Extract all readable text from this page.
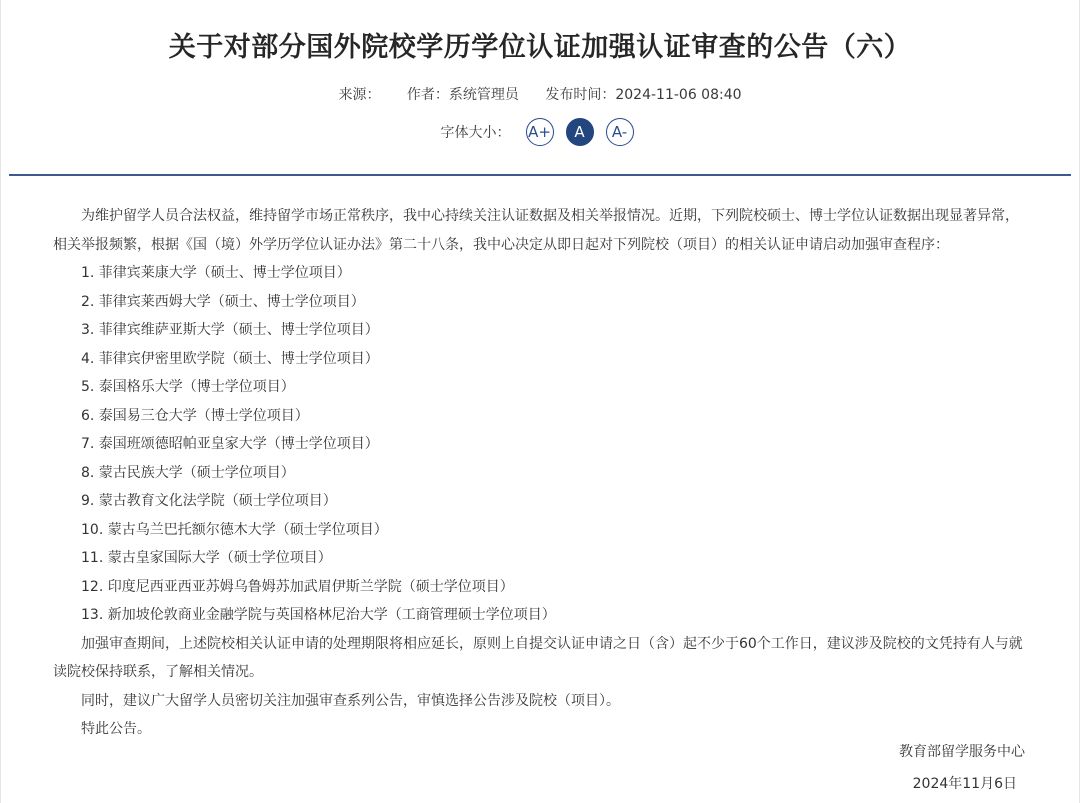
关于对部分国外院校学历学位认证加强认证审查的公告（六）
来源： 作者：系统管理员 发布时间：2024-11-06 08:40
字体大小： A+	A	A-

为维护留学人员合法权益，维持留学市场正常秩序，我中心持续关注认证数据及相关举报情况。近期，下列院校硕士、博士学位认证数据出现显著异常，相关举报频繁，根据《国（境）外学历学位认证办法》第二十八条，我中心决定从即日起对下列院校（项目）的相关认证申请启动加强审查程序：

1. 菲律宾莱康大学（硕士、博士学位项目）

2. 菲律宾莱西姆大学（硕士、博士学位项目）

3. 菲律宾维萨亚斯大学（硕士、博士学位项目）

4. 菲律宾伊密里欧学院（硕士、博士学位项目）

5. 泰国格乐大学（博士学位项目）

6. 泰国易三仓大学（博士学位项目）

7. 泰国班颂德昭帕亚皇家大学（博士学位项目）

8. 蒙古民族大学（硕士学位项目）

9. 蒙古教育文化法学院（硕士学位项目）

10. 蒙古乌兰巴托额尔德木大学（硕士学位项目）

11. 蒙古皇家国际大学（硕士学位项目）

12. 印度尼西亚西亚苏姆乌鲁姆苏加武眉伊斯兰学院（硕士学位项目）

13. 新加坡伦敦商业金融学院与英国格林尼治大学（工商管理硕士学位项目）

加强审查期间，上述院校相关认证申请的处理期限将相应延长，原则上自提交认证申请之日（含）起不少于60个工作日，建议涉及院校的文凭持有人与就读院校保持联系，了解相关情况。

同时，建议广大留学人员密切关注加强审查系列公告，审慎选择公告涉及院校（项目）。

特此公告。

教育部留学服务中心
2024年11月6日
